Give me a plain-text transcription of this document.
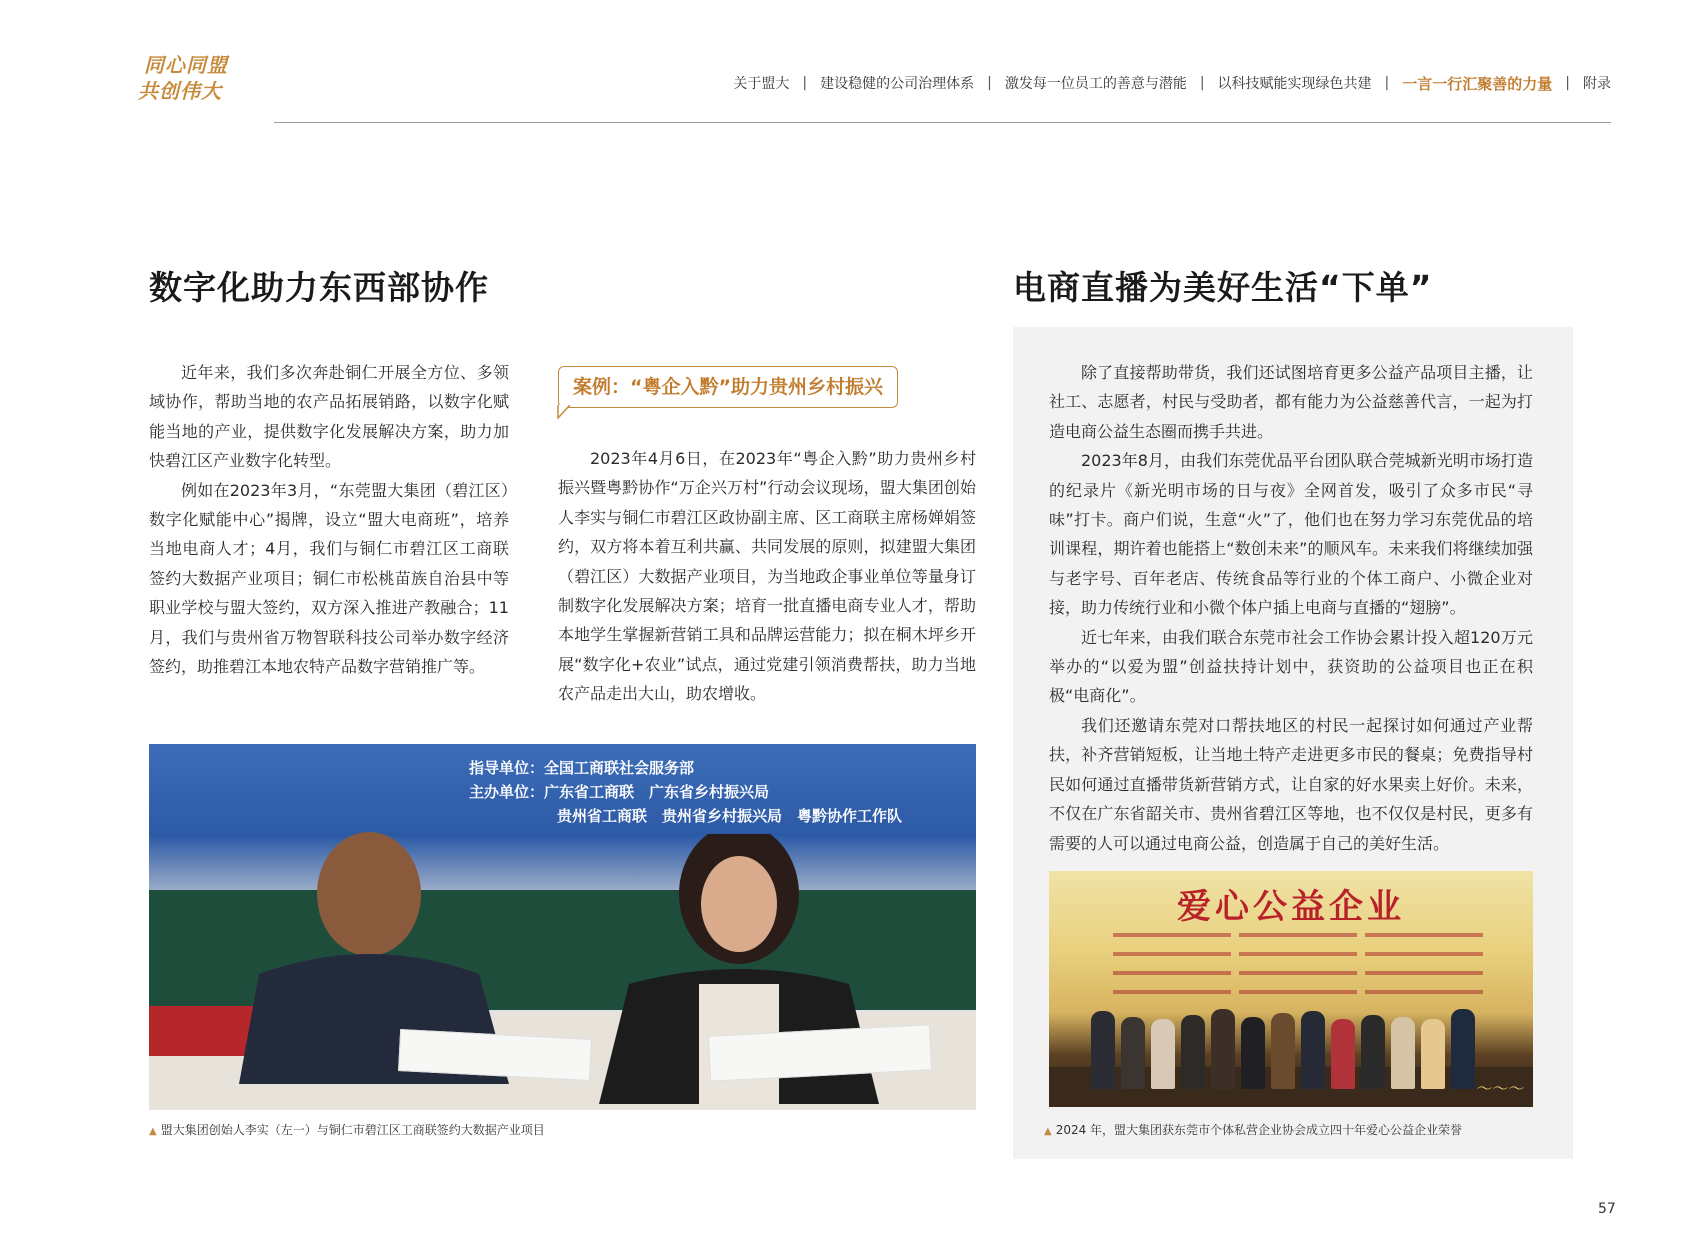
同心同盟
共创伟大	关于盟大 | 建设稳健的公司治理体系 | 激发每一位员工的善意与潜能 | 以科技赋能实现绿色共建 | 一言一行汇聚善的力量 | 附录
数字化助力东西部协作

近年来，我们多次奔赴铜仁开展全方位、多领域协作，帮助当地的农产品拓展销路，以数字化赋能当地的产业，提供数字化发展解决方案，助力加快碧江区产业数字化转型。

例如在2023年3月，“东莞盟大集团（碧江区）数字化赋能中心”揭牌，设立“盟大电商班”，培养当地电商人才；4月，我们与铜仁市碧江区工商联签约大数据产业项目；铜仁市松桃苗族自治县中等职业学校与盟大签约，双方深入推进产教融合；11月，我们与贵州省万物智联科技公司举办数字经济签约，助推碧江本地农特产品数字营销推广等。

案例：“粤企入黔”助力贵州乡村振兴

2023年4月6日，在2023年“粤企入黔”助力贵州乡村振兴暨粤黔协作“万企兴万村”行动会议现场，盟大集团创始人李实与铜仁市碧江区政协副主席、区工商联主席杨婵娟签约，双方将本着互利共赢、共同发展的原则，拟建盟大集团（碧江区）大数据产业项目，为当地政企事业单位等量身订制数字化发展解决方案；培育一批直播电商专业人才，帮助本地学生掌握新营销工具和品牌运营能力；拟在桐木坪乡开展“数字化+农业”试点，通过党建引领消费帮扶，助力当地农产品走出大山，助农增收。

指导单位：全国工商联社会服务部
主办单位：广东省工商联　广东省乡村振兴局
贵州省工商联　贵州省乡村振兴局　粤黔协作工作队
▲ 盟大集团创始人李实（左一）与铜仁市碧江区工商联签约大数据产业项目
电商直播为美好生活“下单”

除了直接帮助带货，我们还试图培育更多公益产品项目主播，让社工、志愿者，村民与受助者，都有能力为公益慈善代言，一起为打造电商公益生态圈而携手共进。

2023年8月，由我们东莞优品平台团队联合莞城新光明市场打造的纪录片《新光明市场的日与夜》全网首发，吸引了众多市民“寻味”打卡。商户们说，生意“火”了，他们也在努力学习东莞优品的培训课程，期许着也能搭上“数创未来”的顺风车。未来我们将继续加强与老字号、百年老店、传统食品等行业的个体工商户、小微企业对接，助力传统行业和小微个体户插上电商与直播的“翅膀”。

近七年来，由我们联合东莞市社会工作协会累计投入超120万元举办的“以爱为盟”创益扶持计划中，获资助的公益项目也正在积极“电商化”。

我们还邀请东莞对口帮扶地区的村民一起探讨如何通过产业帮扶，补齐营销短板，让当地土特产走进更多市民的餐桌；免费指导村民如何通过直播带货新营销方式，让自家的好水果卖上好价。未来，不仅在广东省韶关市、贵州省碧江区等地，也不仅仅是村民，更多有需要的人可以通过电商公益，创造属于自己的美好生活。

爱心公益企业
〜〜〜
▲ 2024 年，盟大集团获东莞市个体私营企业协会成立四十年爱心公益企业荣誉
57
